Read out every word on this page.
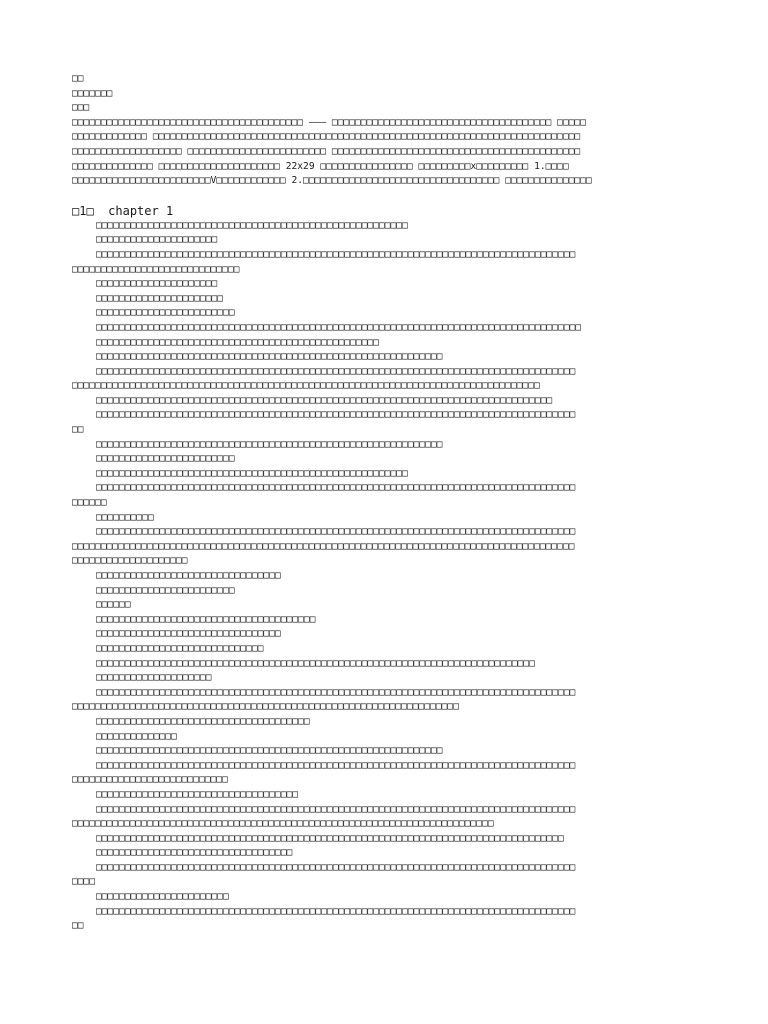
□□
□□□□□□□
□□□
□□□□□□□□□□□□□□□□□□□□□□□□□□□□□□□□□□□□□□□□ ——— □□□□□□□□□□□□□□□□□□□□□□□□□□□□□□□□□□□□□□ □□□□□
□□□□□□□□□□□□□ □□□□□□□□□□□□□□□□□□□□□□□□□□□□□□□□□□□□□□□□□□□□□□□□□□□□□□□□□□□□□□□□□□□□□□□□□□
□□□□□□□□□□□□□□□□□□□ □□□□□□□□□□□□□□□□□□□□□□□□ □□□□□□□□□□□□□□□□□□□□□□□□□□□□□□□□□□□□□□□□□□□
□□□□□□□□□□□□□□ □□□□□□□□□□□□□□□□□□□□□ 22x29 □□□□□□□□□□□□□□□□ □□□□□□□□□x□□□□□□□□□ 1.□□□□
□□□□□□□□□□□□□□□□□□□□□□□□V□□□□□□□□□□□□ 2.□□□□□□□□□□□□□□□□□□□□□□□□□□□□□□□□□□ □□□□□□□□□□□□□□□
□1□ chapter 1
□□□□□□□□□□□□□□□□□□□□□□□□□□□□□□□□□□□□□□□□□□□□□□□□□□□□□□
□□□□□□□□□□□□□□□□□□□□□
□□□□□□□□□□□□□□□□□□□□□□□□□□□□□□□□□□□□□□□□□□□□□□□□□□□□□□□□□□□□□□□□□□□□□□□□□□□□□□□□□□□
□□□□□□□□□□□□□□□□□□□□□□□□□□□□□
□□□□□□□□□□□□□□□□□□□□□
□□□□□□□□□□□□□□□□□□□□□□
□□□□□□□□□□□□□□□□□□□□□□□□
□□□□□□□□□□□□□□□□□□□□□□□□□□□□□□□□□□□□□□□□□□□□□□□□□□□□□□□□□□□□□□□□□□□□□□□□□□□□□□□□□□□□
□□□□□□□□□□□□□□□□□□□□□□□□□□□□□□□□□□□□□□□□□□□□□□□□□
□□□□□□□□□□□□□□□□□□□□□□□□□□□□□□□□□□□□□□□□□□□□□□□□□□□□□□□□□□□□
□□□□□□□□□□□□□□□□□□□□□□□□□□□□□□□□□□□□□□□□□□□□□□□□□□□□□□□□□□□□□□□□□□□□□□□□□□□□□□□□□□□
□□□□□□□□□□□□□□□□□□□□□□□□□□□□□□□□□□□□□□□□□□□□□□□□□□□□□□□□□□□□□□□□□□□□□□□□□□□□□□□□□
□□□□□□□□□□□□□□□□□□□□□□□□□□□□□□□□□□□□□□□□□□□□□□□□□□□□□□□□□□□□□□□□□□□□□□□□□□□□□□□
□□□□□□□□□□□□□□□□□□□□□□□□□□□□□□□□□□□□□□□□□□□□□□□□□□□□□□□□□□□□□□□□□□□□□□□□□□□□□□□□□□□
□□
□□□□□□□□□□□□□□□□□□□□□□□□□□□□□□□□□□□□□□□□□□□□□□□□□□□□□□□□□□□□
□□□□□□□□□□□□□□□□□□□□□□□□
□□□□□□□□□□□□□□□□□□□□□□□□□□□□□□□□□□□□□□□□□□□□□□□□□□□□□□
□□□□□□□□□□□□□□□□□□□□□□□□□□□□□□□□□□□□□□□□□□□□□□□□□□□□□□□□□□□□□□□□□□□□□□□□□□□□□□□□□□□
□□□□□□
□□□□□□□□□□
□□□□□□□□□□□□□□□□□□□□□□□□□□□□□□□□□□□□□□□□□□□□□□□□□□□□□□□□□□□□□□□□□□□□□□□□□□□□□□□□□□□
□□□□□□□□□□□□□□□□□□□□□□□□□□□□□□□□□□□□□□□□□□□□□□□□□□□□□□□□□□□□□□□□□□□□□□□□□□□□□□□□□□□□□□□
□□□□□□□□□□□□□□□□□□□□
□□□□□□□□□□□□□□□□□□□□□□□□□□□□□□□□
□□□□□□□□□□□□□□□□□□□□□□□□
□□□□□□
□□□□□□□□□□□□□□□□□□□□□□□□□□□□□□□□□□□□□□
□□□□□□□□□□□□□□□□□□□□□□□□□□□□□□□□
□□□□□□□□□□□□□□□□□□□□□□□□□□□□□
□□□□□□□□□□□□□□□□□□□□□□□□□□□□□□□□□□□□□□□□□□□□□□□□□□□□□□□□□□□□□□□□□□□□□□□□□□□□
□□□□□□□□□□□□□□□□□□□□
□□□□□□□□□□□□□□□□□□□□□□□□□□□□□□□□□□□□□□□□□□□□□□□□□□□□□□□□□□□□□□□□□□□□□□□□□□□□□□□□□□□
□□□□□□□□□□□□□□□□□□□□□□□□□□□□□□□□□□□□□□□□□□□□□□□□□□□□□□□□□□□□□□□□□□□
□□□□□□□□□□□□□□□□□□□□□□□□□□□□□□□□□□□□□
□□□□□□□□□□□□□□
□□□□□□□□□□□□□□□□□□□□□□□□□□□□□□□□□□□□□□□□□□□□□□□□□□□□□□□□□□□□
□□□□□□□□□□□□□□□□□□□□□□□□□□□□□□□□□□□□□□□□□□□□□□□□□□□□□□□□□□□□□□□□□□□□□□□□□□□□□□□□□□□
□□□□□□□□□□□□□□□□□□□□□□□□□□□
□□□□□□□□□□□□□□□□□□□□□□□□□□□□□□□□□□□
□□□□□□□□□□□□□□□□□□□□□□□□□□□□□□□□□□□□□□□□□□□□□□□□□□□□□□□□□□□□□□□□□□□□□□□□□□□□□□□□□□□
□□□□□□□□□□□□□□□□□□□□□□□□□□□□□□□□□□□□□□□□□□□□□□□□□□□□□□□□□□□□□□□□□□□□□□□□□
□□□□□□□□□□□□□□□□□□□□□□□□□□□□□□□□□□□□□□□□□□□□□□□□□□□□□□□□□□□□□□□□□□□□□□□□□□□□□□□□□
□□□□□□□□□□□□□□□□□□□□□□□□□□□□□□□□□□
□□□□□□□□□□□□□□□□□□□□□□□□□□□□□□□□□□□□□□□□□□□□□□□□□□□□□□□□□□□□□□□□□□□□□□□□□□□□□□□□□□□
□□□□
□□□□□□□□□□□□□□□□□□□□□□□
□□□□□□□□□□□□□□□□□□□□□□□□□□□□□□□□□□□□□□□□□□□□□□□□□□□□□□□□□□□□□□□□□□□□□□□□□□□□□□□□□□□
□□
